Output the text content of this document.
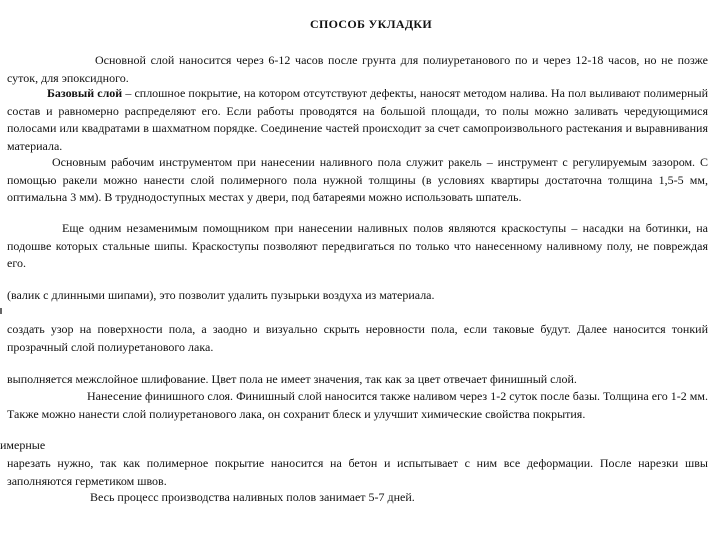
СПОСОБ УКЛАДКИ
Основной слой наносится через 6-12 часов после грунта для полиуретанового по и через 12-18 часов, но не позже суток, для эпоксидного.
Базовый слой – сплошное покрытие, на котором отсутствуют дефекты, наносят методом налива. На пол выливают полимерный состав и равномерно распределяют его. Если работы проводятся на большой площади, то полы можно заливать чередующимися полосами или квадратами в шахматном порядке. Соединение частей происходит за счет самопроизвольного растекания и выравнивания материала.
Основным рабочим инструментом при нанесении наливного пола служит ракель – инструмент с регулируемым зазором. С помощью ракели можно нанести слой полимерного пола нужной толщины (в условиях квартиры достаточна толщина 1,5-5 мм, оптимальна 3 мм). В труднодоступных местах у двери, под батареями можно использовать шпатель.
Еще одним незаменимым помощником при нанесении наливных полов являются краскоступы – насадки на ботинки, на подошве которых стальные шипы. Краскоступы позволяют передвигаться по только что нанесенному наливному полу, не повреждая его.
(валик с длинными шипами), это позволит удалить пузырьки воздуха из материала.
создать узор на поверхности пола, а заодно и визуально скрыть неровности пола, если таковые будут. Далее наносится тонкий прозрачный слой полиуретанового лака.
выполняется межслойное шлифование. Цвет пола не имеет значения, так как за цвет отвечает финишный слой.
Нанесение финишного слоя. Финишный слой наносится также наливом через 1-2 суток после базы. Толщина его 1-2 мм. Также можно нанести слой полиуретанового лака, он сохранит блеск и улучшит химические свойства покрытия.
имерные
нарезать нужно, так как полимерное покрытие наносится на бетон и испытывает с ним все деформации. После нарезки швы заполняются герметиком швов.
Весь процесс производства наливных полов занимает 5-7 дней.
